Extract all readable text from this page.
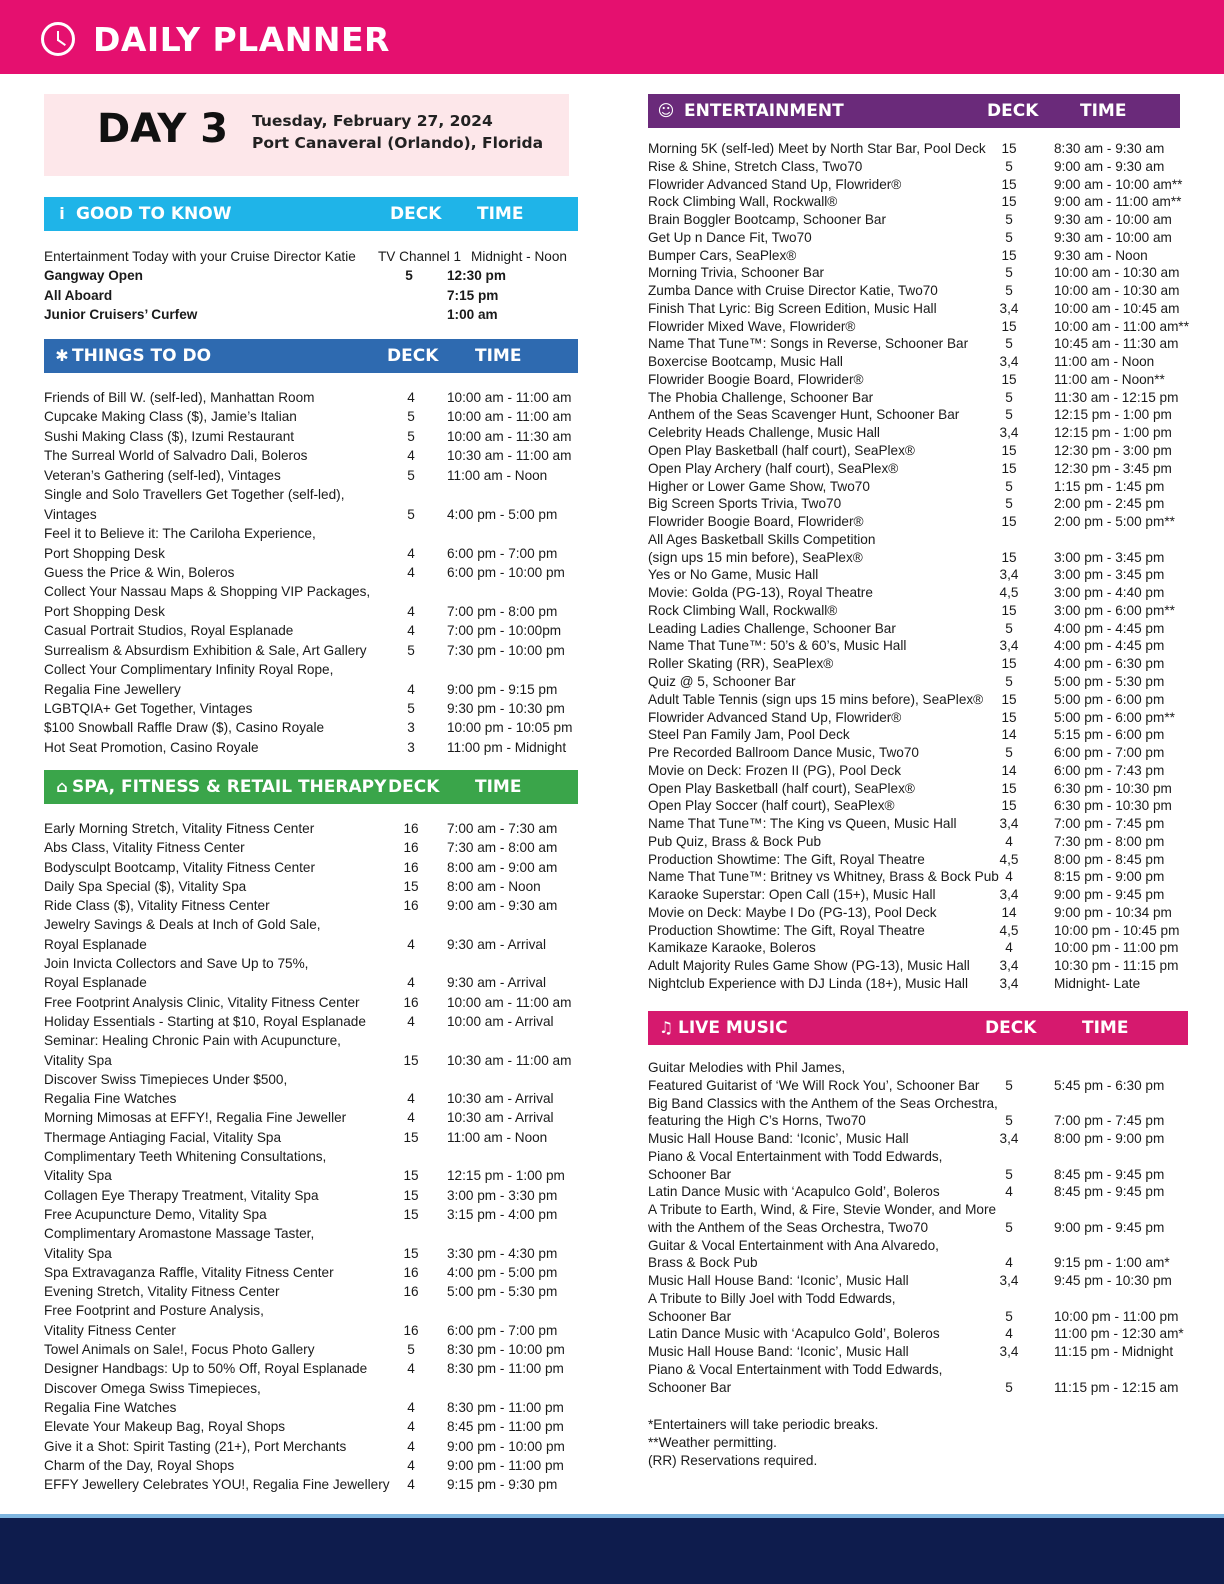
DAILY PLANNER
DAY 3 Tuesday, February 27, 2024
Port Canaveral (Orlando), Florida
i GOOD TO KNOW	DECK TIME
Entertainment Today with your Cruise Director Katie TV Channel 1 Midnight - Noon
Gangway Open	5	12:30 pm
All Aboard	7:15 pm
Junior Cruisers’ Curfew	1:00 am
✱ THINGS TO DO	DECK TIME
Friends of Bill W. (self-led), Manhattan Room	4	10:00 am - 11:00 am
Cupcake Making Class ($), Jamie’s Italian	5	10:00 am - 11:00 am
Sushi Making Class ($), Izumi Restaurant	5	10:00 am - 11:30 am
The Surreal World of Salvadro Dali, Boleros	4	10:30 am - 11:00 am
Veteran’s Gathering (self-led), Vintages	5	11:00 am - Noon
Single and Solo Travellers Get Together (self-led),
Vintages	5	4:00 pm - 5:00 pm
Feel it to Believe it: The Cariloha Experience,
Port Shopping Desk	4	6:00 pm - 7:00 pm
Guess the Price & Win, Boleros	4	6:00 pm - 10:00 pm
Collect Your Nassau Maps & Shopping VIP Packages,
Port Shopping Desk	4	7:00 pm - 8:00 pm
Casual Portrait Studios, Royal Esplanade	4	7:00 pm - 10:00pm
Surrealism & Absurdism Exhibition & Sale, Art Gallery	5	7:30 pm - 10:00 pm
Collect Your Complimentary Infinity Royal Rope,
Regalia Fine Jewellery	4	9:00 pm - 9:15 pm
LGBTQIA+ Get Together, Vintages	5	9:30 pm - 10:30 pm
$100 Snowball Raffle Draw ($), Casino Royale	3	10:00 pm - 10:05 pm
Hot Seat Promotion, Casino Royale	3	11:00 pm - Midnight
⌂ SPA, FITNESS & RETAIL THERAPY DECK TIME
Early Morning Stretch, Vitality Fitness Center	16	7:00 am - 7:30 am
Abs Class, Vitality Fitness Center	16	7:30 am - 8:00 am
Bodysculpt Bootcamp, Vitality Fitness Center	16	8:00 am - 9:00 am
Daily Spa Special ($), Vitality Spa	15	8:00 am - Noon
Ride Class ($), Vitality Fitness Center	16	9:00 am - 9:30 am
Jewelry Savings & Deals at Inch of Gold Sale,
Royal Esplanade	4	9:30 am - Arrival
Join Invicta Collectors and Save Up to 75%,
Royal Esplanade	4	9:30 am - Arrival
Free Footprint Analysis Clinic, Vitality Fitness Center	16	10:00 am - 11:00 am
Holiday Essentials - Starting at $10, Royal Esplanade	4	10:00 am - Arrival
Seminar: Healing Chronic Pain with Acupuncture,
Vitality Spa	15	10:30 am - 11:00 am
Discover Swiss Timepieces Under $500,
Regalia Fine Watches	4	10:30 am - Arrival
Morning Mimosas at EFFY!, Regalia Fine Jeweller	4	10:30 am - Arrival
Thermage Antiaging Facial, Vitality Spa	15	11:00 am - Noon
Complimentary Teeth Whitening Consultations,
Vitality Spa	15	12:15 pm - 1:00 pm
Collagen Eye Therapy Treatment, Vitality Spa	15	3:00 pm - 3:30 pm
Free Acupuncture Demo, Vitality Spa	15	3:15 pm - 4:00 pm
Complimentary Aromastone Massage Taster,
Vitality Spa	15	3:30 pm - 4:30 pm
Spa Extravaganza Raffle, Vitality Fitness Center	16	4:00 pm - 5:00 pm
Evening Stretch, Vitality Fitness Center	16	5:00 pm - 5:30 pm
Free Footprint and Posture Analysis,
Vitality Fitness Center	16	6:00 pm - 7:00 pm
Towel Animals on Sale!, Focus Photo Gallery	5	8:30 pm - 10:00 pm
Designer Handbags: Up to 50% Off, Royal Esplanade	4	8:30 pm - 11:00 pm
Discover Omega Swiss Timepieces,
Regalia Fine Watches	4	8:30 pm - 11:00 pm
Elevate Your Makeup Bag, Royal Shops	4	8:45 pm - 11:00 pm
Give it a Shot: Spirit Tasting (21+), Port Merchants	4	9:00 pm - 10:00 pm
Charm of the Day, Royal Shops	4	9:00 pm - 11:00 pm
EFFY Jewellery Celebrates YOU!, Regalia Fine Jewellery	4	9:15 pm - 9:30 pm
☺ ENTERTAINMENT	DECK TIME
Morning 5K (self-led) Meet by North Star Bar, Pool Deck	15	8:30 am - 9:30 am
Rise & Shine, Stretch Class, Two70	5	9:00 am - 9:30 am
Flowrider Advanced Stand Up, Flowrider®	15	9:00 am - 10:00 am**
Rock Climbing Wall, Rockwall®	15	9:00 am - 11:00 am**
Brain Boggler Bootcamp, Schooner Bar	5	9:30 am - 10:00 am
Get Up n Dance Fit, Two70	5	9:30 am - 10:00 am
Bumper Cars, SeaPlex®	15	9:30 am - Noon
Morning Trivia, Schooner Bar	5	10:00 am - 10:30 am
Zumba Dance with Cruise Director Katie, Two70	5	10:00 am - 10:30 am
Finish That Lyric: Big Screen Edition, Music Hall	3,4	10:00 am - 10:45 am
Flowrider Mixed Wave, Flowrider®	15	10:00 am - 11:00 am**
Name That Tune™: Songs in Reverse, Schooner Bar	5	10:45 am - 11:30 am
Boxercise Bootcamp, Music Hall	3,4	11:00 am - Noon
Flowrider Boogie Board, Flowrider®	15	11:00 am - Noon**
The Phobia Challenge, Schooner Bar	5	11:30 am - 12:15 pm
Anthem of the Seas Scavenger Hunt, Schooner Bar	5	12:15 pm - 1:00 pm
Celebrity Heads Challenge, Music Hall	3,4	12:15 pm - 1:00 pm
Open Play Basketball (half court), SeaPlex®	15	12:30 pm - 3:00 pm
Open Play Archery (half court), SeaPlex®	15	12:30 pm - 3:45 pm
Higher or Lower Game Show, Two70	5	1:15 pm - 1:45 pm
Big Screen Sports Trivia, Two70	5	2:00 pm - 2:45 pm
Flowrider Boogie Board, Flowrider®	15	2:00 pm - 5:00 pm**
All Ages Basketball Skills Competition
(sign ups 15 min before), SeaPlex®	15	3:00 pm - 3:45 pm
Yes or No Game, Music Hall	3,4	3:00 pm - 3:45 pm
Movie: Golda (PG-13), Royal Theatre	4,5	3:00 pm - 4:40 pm
Rock Climbing Wall, Rockwall®	15	3:00 pm - 6:00 pm**
Leading Ladies Challenge, Schooner Bar	5	4:00 pm - 4:45 pm
Name That Tune™: 50’s & 60’s, Music Hall	3,4	4:00 pm - 4:45 pm
Roller Skating (RR), SeaPlex®	15	4:00 pm - 6:30 pm
Quiz @ 5, Schooner Bar	5	5:00 pm - 5:30 pm
Adult Table Tennis (sign ups 15 mins before), SeaPlex®	15	5:00 pm - 6:00 pm
Flowrider Advanced Stand Up, Flowrider®	15	5:00 pm - 6:00 pm**
Steel Pan Family Jam, Pool Deck	14	5:15 pm - 6:00 pm
Pre Recorded Ballroom Dance Music, Two70	5	6:00 pm - 7:00 pm
Movie on Deck: Frozen II (PG), Pool Deck	14	6:00 pm - 7:43 pm
Open Play Basketball (half court), SeaPlex®	15	6:30 pm - 10:30 pm
Open Play Soccer (half court), SeaPlex®	15	6:30 pm - 10:30 pm
Name That Tune™: The King vs Queen, Music Hall	3,4	7:00 pm - 7:45 pm
Pub Quiz, Brass & Bock Pub	4	7:30 pm - 8:00 pm
Production Showtime: The Gift, Royal Theatre	4,5	8:00 pm - 8:45 pm
Name That Tune™: Britney vs Whitney, Brass & Bock Pub 4	8:15 pm - 9:00 pm
Karaoke Superstar: Open Call (15+), Music Hall	3,4	9:00 pm - 9:45 pm
Movie on Deck: Maybe I Do (PG-13), Pool Deck	14	9:00 pm - 10:34 pm
Production Showtime: The Gift, Royal Theatre	4,5	10:00 pm - 10:45 pm
Kamikaze Karaoke, Boleros	4	10:00 pm - 11:00 pm
Adult Majority Rules Game Show (PG-13), Music Hall	3,4	10:30 pm - 11:15 pm
Nightclub Experience with DJ Linda (18+), Music Hall	3,4	Midnight- Late
♫ LIVE MUSIC	DECK	TIME
Guitar Melodies with Phil James,
Featured Guitarist of ‘We Will Rock You’, Schooner Bar	5	5:45 pm - 6:30 pm
Big Band Classics with the Anthem of the Seas Orchestra,
featuring the High C’s Horns, Two70	5	7:00 pm - 7:45 pm
Music Hall House Band: ‘Iconic’, Music Hall	3,4	8:00 pm - 9:00 pm
Piano & Vocal Entertainment with Todd Edwards,
Schooner Bar	5	8:45 pm - 9:45 pm
Latin Dance Music with ‘Acapulco Gold’, Boleros	4	8:45 pm - 9:45 pm
A Tribute to Earth, Wind, & Fire, Stevie Wonder, and More
with the Anthem of the Seas Orchestra, Two70	5	9:00 pm - 9:45 pm
Guitar & Vocal Entertainment with Ana Alvaredo,
Brass & Bock Pub	4	9:15 pm - 1:00 am*
Music Hall House Band: ‘Iconic’, Music Hall	3,4	9:45 pm - 10:30 pm
A Tribute to Billy Joel with Todd Edwards,
Schooner Bar	5	10:00 pm - 11:00 pm
Latin Dance Music with ‘Acapulco Gold’, Boleros	4	11:00 pm - 12:30 am*
Music Hall House Band: ‘Iconic’, Music Hall	3,4	11:15 pm - Midnight
Piano & Vocal Entertainment with Todd Edwards,
Schooner Bar	5	11:15 pm - 12:15 am
*Entertainers will take periodic breaks.
**Weather permitting.
(RR) Reservations required.
